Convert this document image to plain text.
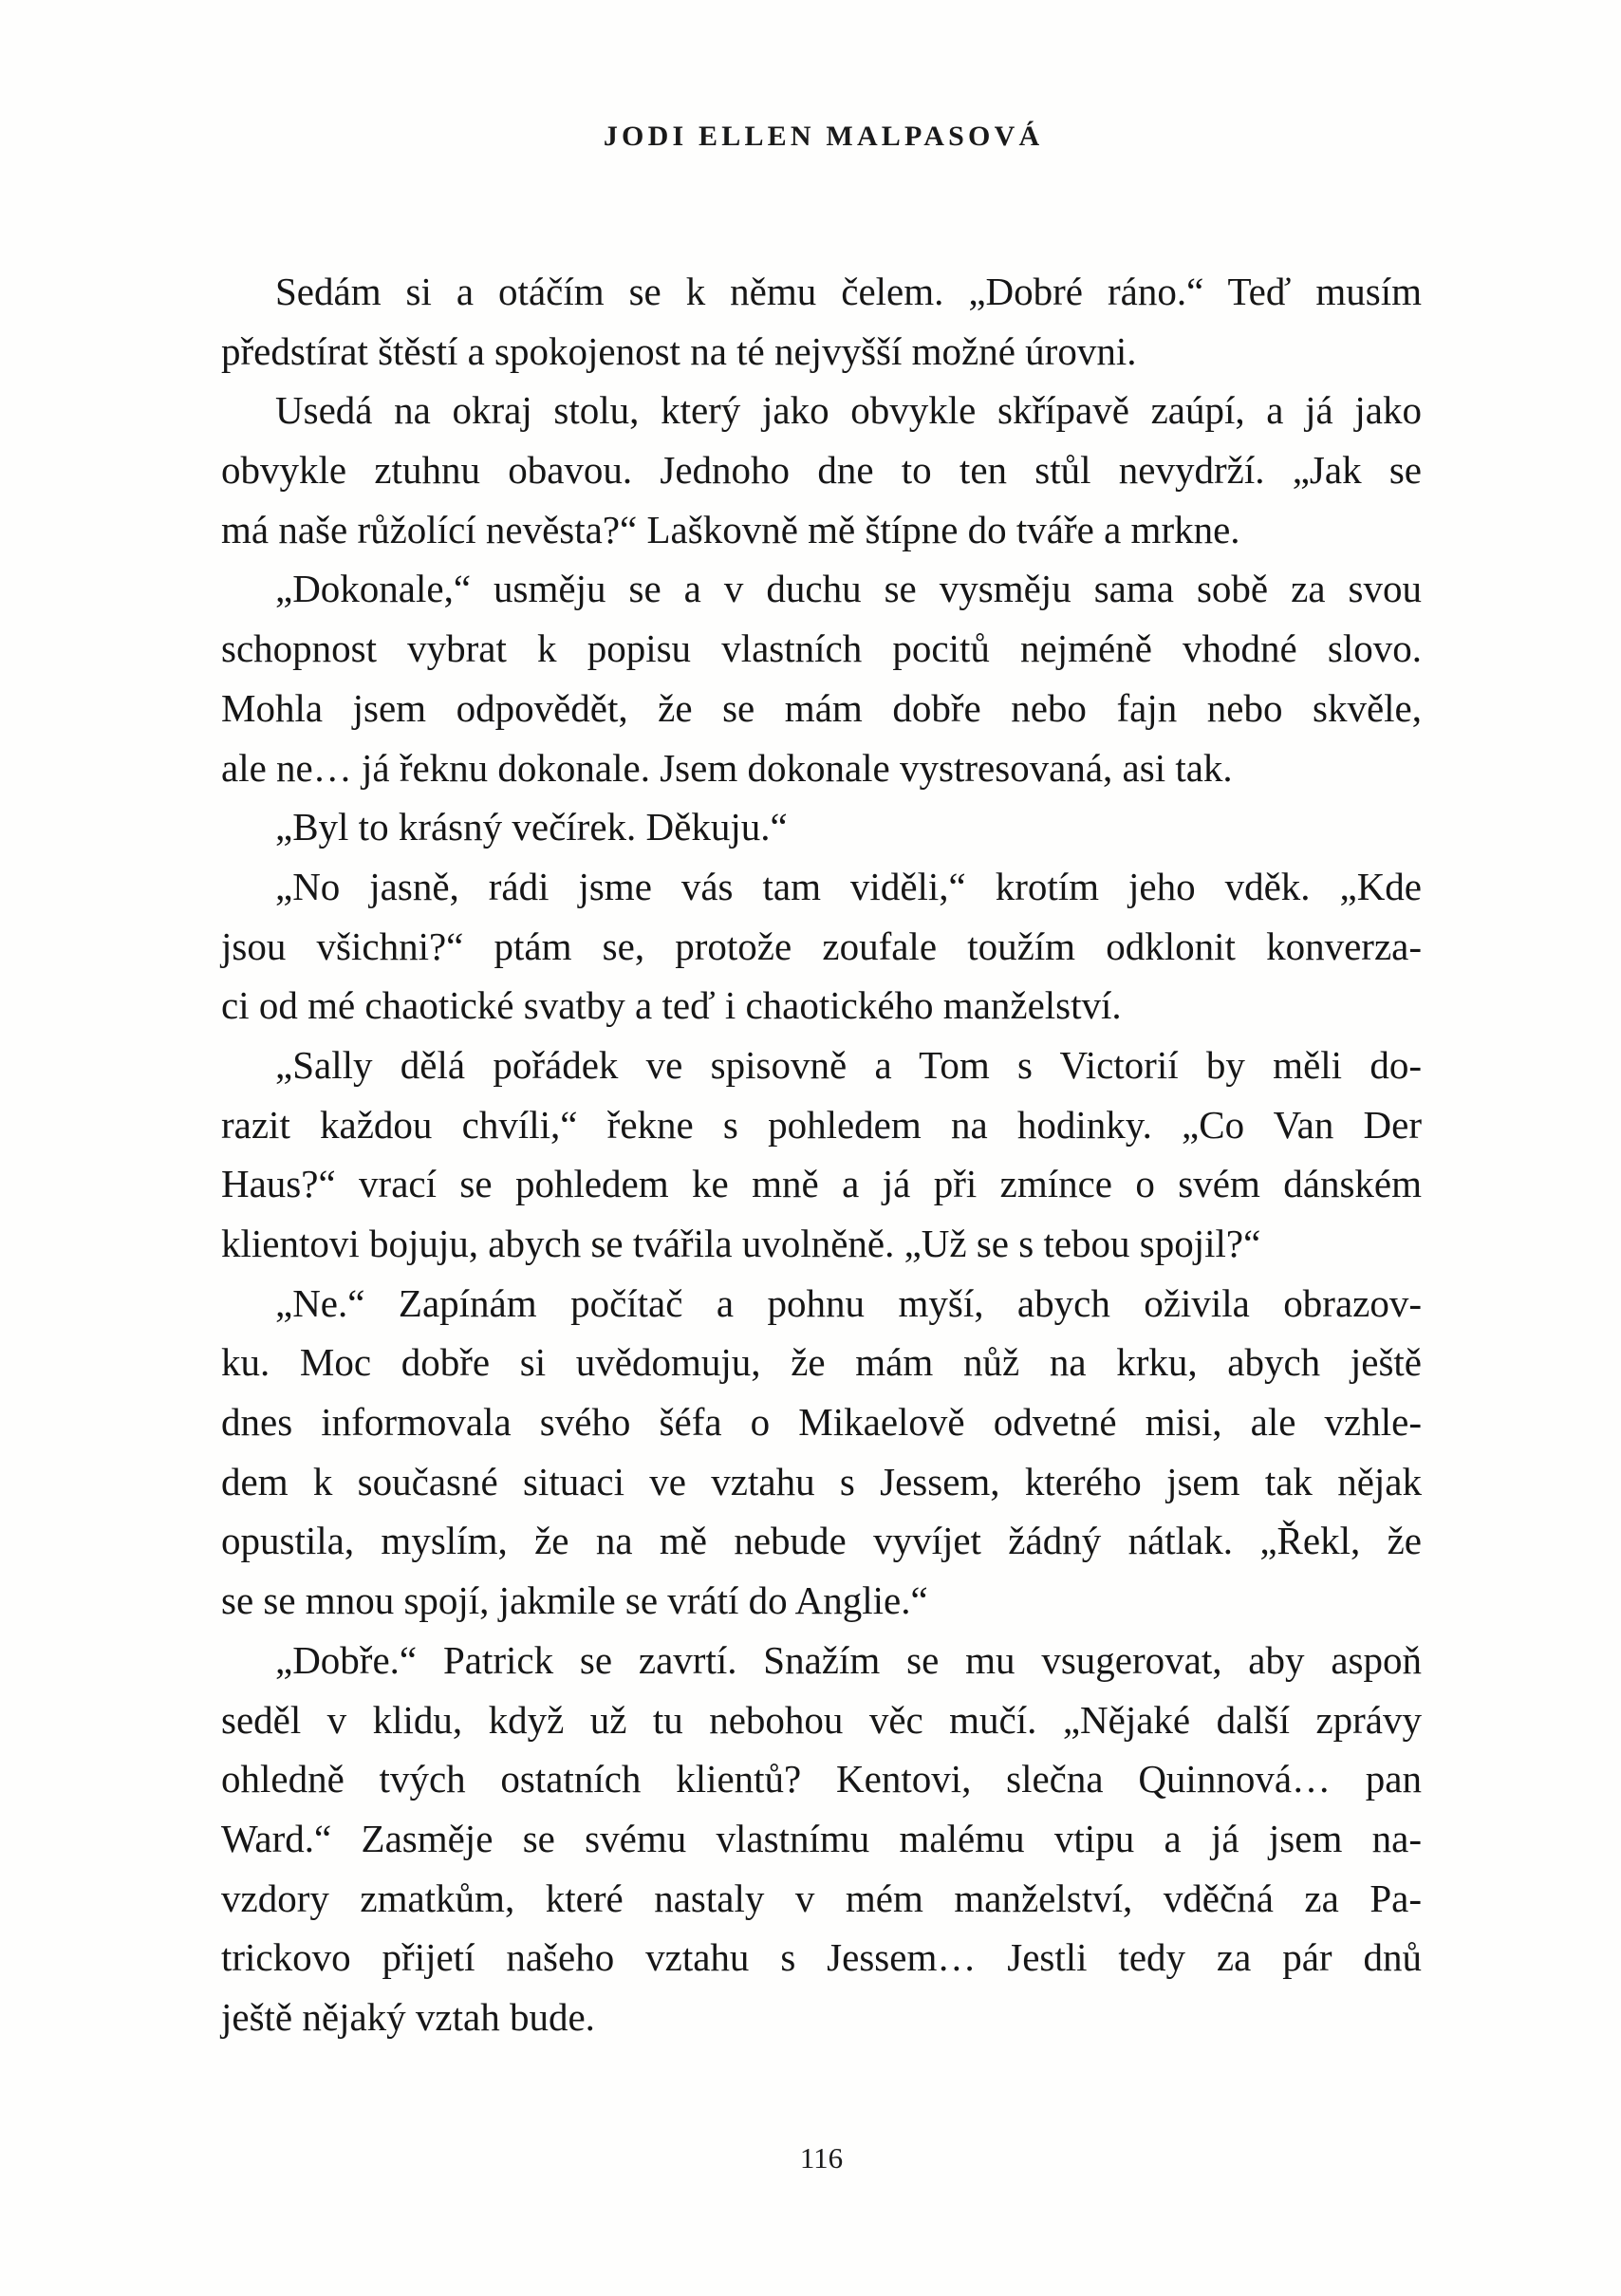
JODI ELLEN MALPASOVÁ
Sedám si a otáčím se k němu čelem. „Dobré ráno.“ Teď musím
předstírat štěstí a spokojenost na té nejvyšší možné úrovni.
Usedá na okraj stolu, který jako obvykle skřípavě zaúpí, a já jako
obvykle ztuhnu obavou. Jednoho dne to ten stůl nevydrží. „Jak se
má naše růžolící nevěsta?“ Laškovně mě štípne do tváře a mrkne.
„Dokonale,“ usměju se a v duchu se vysměju sama sobě za svou
schopnost vybrat k popisu vlastních pocitů nejméně vhodné slovo.
Mohla jsem odpovědět, že se mám dobře nebo fajn nebo skvěle,
ale ne… já řeknu dokonale. Jsem dokonale vystresovaná, asi tak.
„Byl to krásný večírek. Děkuju.“
„No jasně, rádi jsme vás tam viděli,“ krotím jeho vděk. „Kde
jsou všichni?“ ptám se, protože zoufale toužím odklonit konverza-
ci od mé chaotické svatby a teď i chaotického manželství.
„Sally dělá pořádek ve spisovně a Tom s Victorií by měli do-
razit každou chvíli,“ řekne s pohledem na hodinky. „Co Van Der
Haus?“ vrací se pohledem ke mně a já při zmínce o svém dánském
klientovi bojuju, abych se tvářila uvolněně. „Už se s tebou spojil?“
„Ne.“ Zapínám počítač a pohnu myší, abych oživila obrazov-
ku. Moc dobře si uvědomuju, že mám nůž na krku, abych ještě
dnes informovala svého šéfa o Mikaelově odvetné misi, ale vzhle-
dem k současné situaci ve vztahu s Jessem, kterého jsem tak nějak
opustila, myslím, že na mě nebude vyvíjet žádný nátlak. „Řekl, že
se se mnou spojí, jakmile se vrátí do Anglie.“
„Dobře.“ Patrick se zavrtí. Snažím se mu vsugerovat, aby aspoň
seděl v klidu, když už tu nebohou věc mučí. „Nějaké další zprávy
ohledně tvých ostatních klientů? Kentovi, slečna Quinnová… pan
Ward.“ Zasměje se svému vlastnímu malému vtipu a já jsem na-
vzdory zmatkům, které nastaly v mém manželství, vděčná za Pa-
trickovo přijetí našeho vztahu s Jessem… Jestli tedy za pár dnů
ještě nějaký vztah bude.
116
